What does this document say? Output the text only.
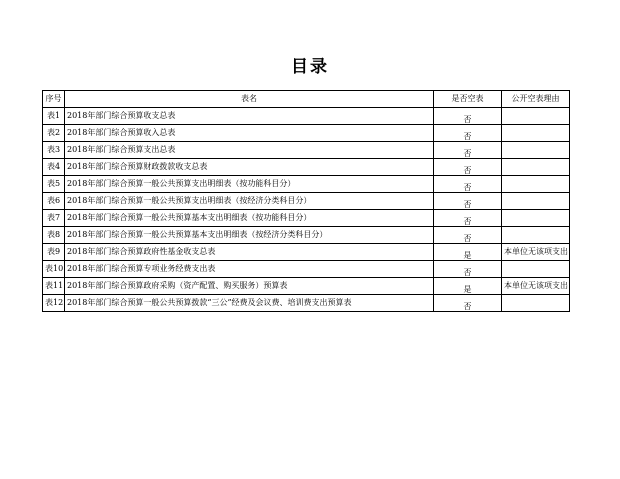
目录
序号	表名	是否空表	公开空表理由
表1	2018年部门综合预算收支总表	否	
表2	2018年部门综合预算收入总表	否	
表3	2018年部门综合预算支出总表	否	
表4	2018年部门综合预算财政拨款收支总表	否	
表5	2018年部门综合预算一般公共预算支出明细表（按功能科目分）	否	
表6	2018年部门综合预算一般公共预算支出明细表（按经济分类科目分）	否	
表7	2018年部门综合预算一般公共预算基本支出明细表（按功能科目分）	否	
表8	2018年部门综合预算一般公共预算基本支出明细表（按经济分类科目分）	否	
表9	2018年部门综合预算政府性基金收支总表	是	本单位无该项支出
表10	2018年部门综合预算专项业务经费支出表	否	
表11	2018年部门综合预算政府采购（资产配置、购买服务）预算表	是	本单位无该项支出
表12	2018年部门综合预算一般公共预算拨款“三公”经费及会议费、培训费支出预算表	否	
